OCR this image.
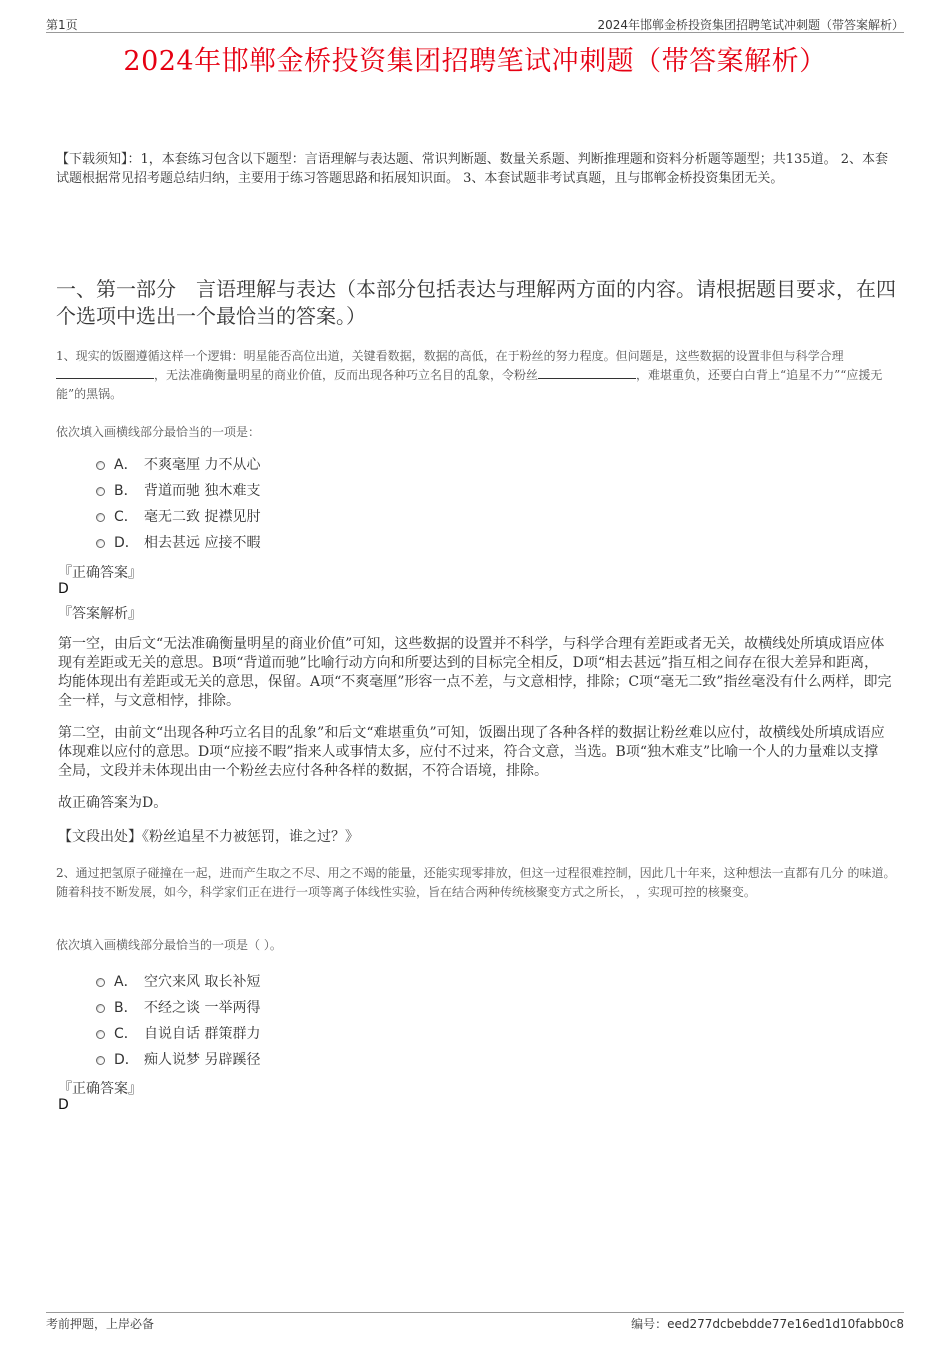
第1页	2024年邯郸金桥投资集团招聘笔试冲刺题（带答案解析）
2024年邯郸金桥投资集团招聘笔试冲刺题（带答案解析）
【下载须知】：1，本套练习包含以下题型：言语理解与表达题、常识判断题、数量关系题、判断推理题和资料分析题等题型；共135道。 2、本套试题根据常见招考题总结归纳，主要用于练习答题思路和拓展知识面。 3、本套试题非考试真题，且与邯郸金桥投资集团无关。
一、第一部分　言语理解与表达（本部分包括表达与理解两方面的内容。请根据题目要求，在四个选项中选出一个最恰当的答案。）
1、现实的饭圈遵循这样一个逻辑：明星能否高位出道，关键看数据，数据的高低，在于粉丝的努力程度。但问题是，这些数据的设置非但与科学合理，无法准确衡量明星的商业价值，反而出现各种巧立名目的乱象，令粉丝	，难堪重负，还要白白背上“追星不力”“应援无能”的黑锅。
依次填入画横线部分最恰当的一项是：
A． 不爽毫厘 力不从心
B． 背道而驰 独木难支
C． 毫无二致 捉襟见肘
D． 相去甚远 应接不暇
『正确答案』
D
『答案解析』
第一空，由后文“无法准确衡量明星的商业价值”可知，这些数据的设置并不科学，与科学合理有差距或者无关，故横线处所填成语应体现有差距或无关的意思。B项“背道而驰”比喻行动方向和所要达到的目标完全相反，D项“相去甚远”指互相之间存在很大差异和距离，均能体现出有差距或无关的意思，保留。A项“不爽毫厘”形容一点不差，与文意相悖，排除；C项“毫无二致”指丝毫没有什么两样，即完全一样，与文意相悖，排除。
第二空，由前文“出现各种巧立名目的乱象”和后文“难堪重负”可知，饭圈出现了各种各样的数据让粉丝难以应付，故横线处所填成语应体现难以应付的意思。D项“应接不暇”指来人或事情太多，应付不过来，符合文意，当选。B项“独木难支”比喻一个人的力量难以支撑全局，文段并未体现出由一个粉丝去应付各种各样的数据，不符合语境，排除。
故正确答案为D。
【文段出处】《粉丝追星不力被惩罚，谁之过？》
2、通过把氢原子碰撞在一起，进而产生取之不尽、用之不竭的能量，还能实现零排放，但这一过程很难控制，因此几十年来，这种想法一直都有几分 的味道。随着科技不断发展，如今，科学家们正在进行一项等离子体线性实验，旨在结合两种传统核聚变方式之所长， ，实现可控的核聚变。
依次填入画横线部分最恰当的一项是（ ）。
A． 空穴来风 取长补短
B． 不经之谈 一举两得
C． 自说自话 群策群力
D． 痴人说梦 另辟蹊径
『正确答案』
D
考前押题，上岸必备	编号：eed277dcbebdde77e16ed1d10fabb0c8
